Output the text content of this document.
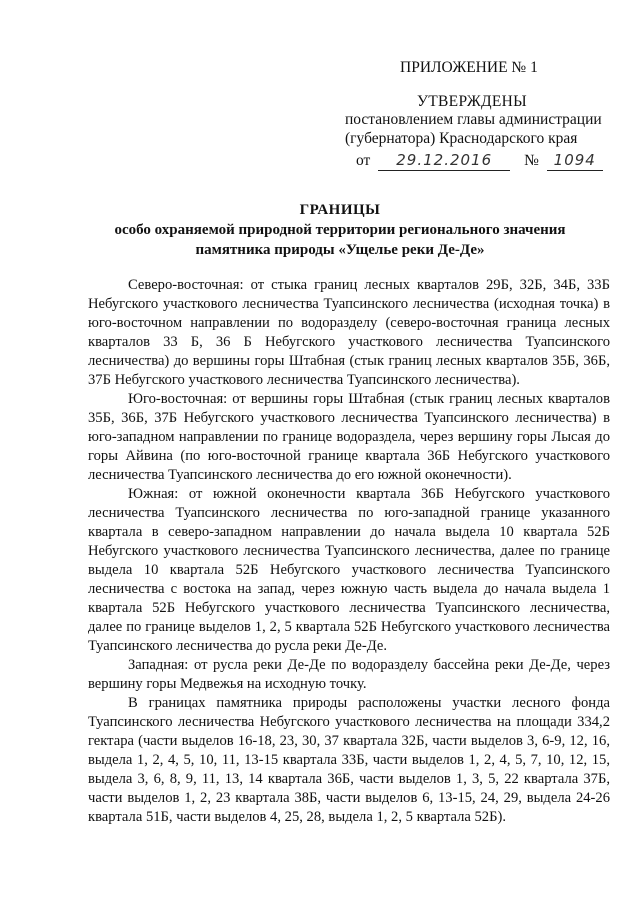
ПРИЛОЖЕНИЕ № 1
УТВЕРЖДЕНЫ
постановлением главы администрации
(губернатора) Краснодарского края
от 29.12.2016 № 1094
ГРАНИЦЫ
особо охраняемой природной территории регионального значения
памятника природы «Ущелье реки Де-Де»

Северо-восточная: от стыка границ лесных кварталов 29Б, 32Б, 34Б, 33Б Небугского участкового лесничества Туапсинского лесничества (исходная точка) в юго-восточном направлении по водоразделу (северо-восточная граница лесных кварталов 33 Б, 36 Б Небугского участкового лесничества Туапсинского лесничества) до вершины горы Штабная (стык границ лесных кварталов 35Б, 36Б, 37Б Небугского участкового лесничества Туапсинского лесничества).

Юго-восточная: от вершины горы Штабная (стык границ лесных кварталов 35Б, 36Б, 37Б Небугского участкового лесничества Туапсинского лесничества) в юго-западном направлении по границе водораздела, через вершину горы Лысая до горы Айвина (по юго-восточной границе квартала 36Б Небугского участкового лесничества Туапсинского лесничества до его южной оконечности).

Южная: от южной оконечности квартала 36Б Небугского участкового лесничества Туапсинского лесничества по юго-западной границе указанного квартала в северо-западном направлении до начала выдела 10 квартала 52Б Небугского участкового лесничества Туапсинского лесничества, далее по границе выдела 10 квартала 52Б Небугского участкового лесничества Туапсинского лесничества с востока на запад, через южную часть выдела до начала выдела 1 квартала 52Б Небугского участкового лесничества Туапсинского лесничества, далее по границе выделов 1, 2, 5 квартала 52Б Небугского участкового лесничества Туапсинского лесничества до русла реки Де-Де.

Западная: от русла реки Де-Де по водоразделу бассейна реки Де-Де, через вершину горы Медвежья на исходную точку.

В границах памятника природы расположены участки лесного фонда Туапсинского лесничества Небугского участкового лесничества на площади 334,2 гектара (части выделов 16-18, 23, 30, 37 квартала 32Б, части выделов 3, 6-9, 12, 16, выдела 1, 2, 4, 5, 10, 11, 13-15 квартала 33Б, части выделов 1, 2, 4, 5, 7, 10, 12, 15, выдела 3, 6, 8, 9, 11, 13, 14 квартала 36Б, части выделов 1, 3, 5, 22 квартала 37Б, части выделов 1, 2, 23 квартала 38Б, части выделов 6, 13-15, 24, 29, выдела 24-26 квартала 51Б, части выделов 4, 25, 28, выдела 1, 2, 5 квартала 52Б).
